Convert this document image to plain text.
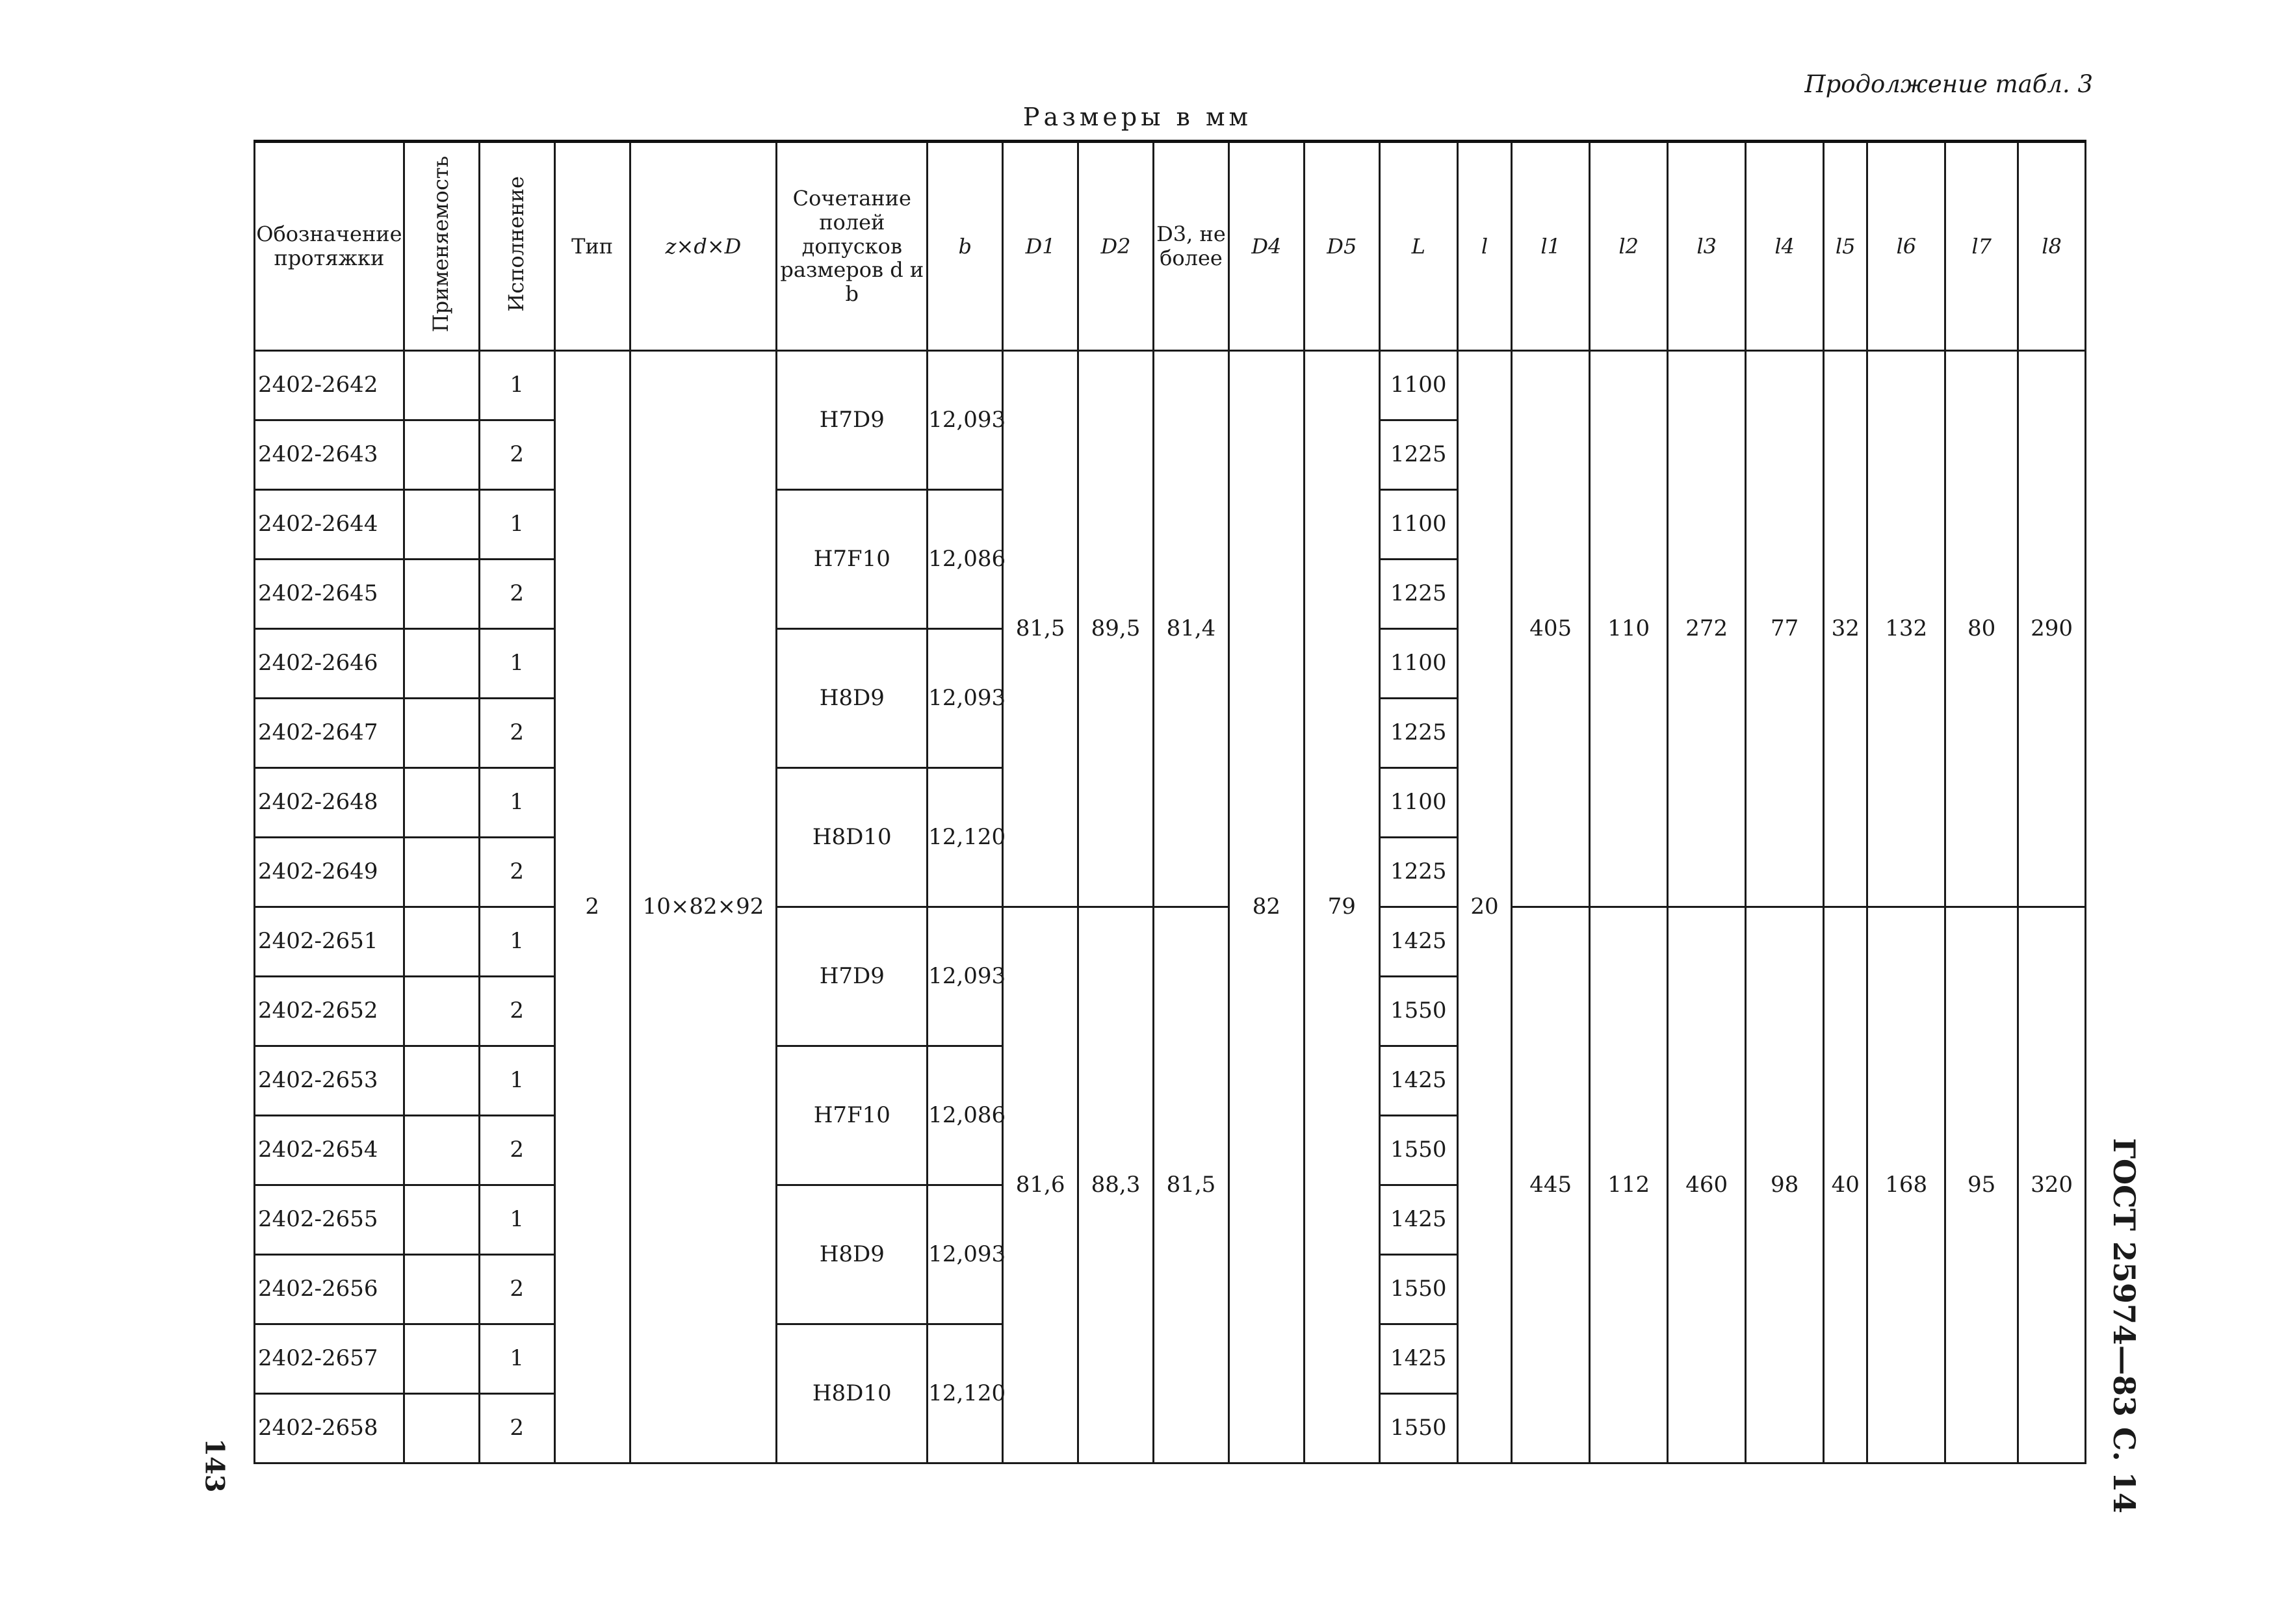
Продолжение табл. 3
Размеры в мм
ГОСТ 25974—83 С. 14
143
Обозначение протяжки	Применяемость	Исполнение	Тип	z×d×D	Сочетание полей допусков размеров d и b	b	D1	D2	D3, не более	D4	D5	L	l	l1	l2	l3	l4	l5	l6	l7	l8
2402-2642		1	2	10×82×92	H7D9	12,093	81,5	89,5	81,4	82	79	1100	20	405	110	272	77	32	132	80	290
2402-2643		2										1225									
2402-2644		1			H7F10	12,086						1100									
2402-2645		2										1225									
2402-2646		1			H8D9	12,093						1100									
2402-2647		2										1225									
2402-2648		1			H8D10	12,120						1100									
2402-2649		2										1225									
2402-2651		1			H7D9	12,093	81,6	88,3	81,5			1425		445	112	460	98	40	168	95	320
2402-2652		2										1550									
2402-2653		1			H7F10	12,086						1425									
2402-2654		2										1550									
2402-2655		1			H8D9	12,093						1425									
2402-2656		2										1550									
2402-2657		1			H8D10	12,120						1425									
2402-2658		2										1550									
